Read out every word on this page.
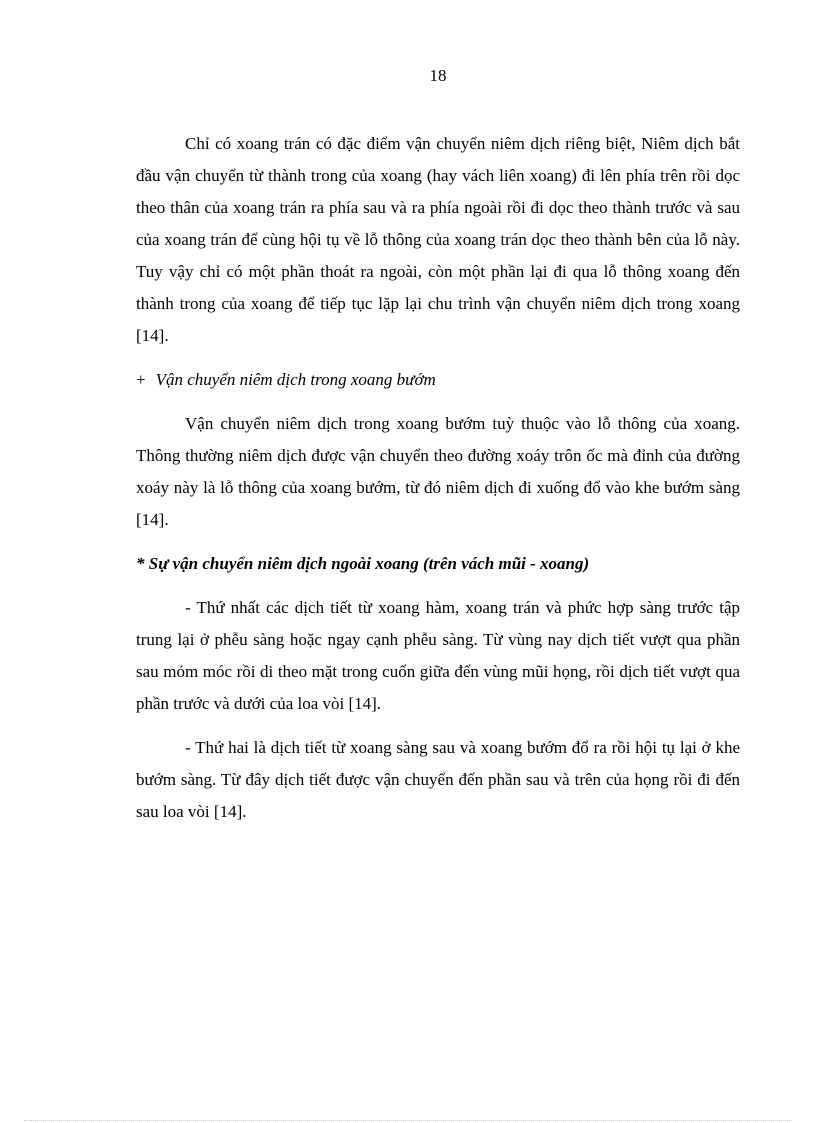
18

Chỉ có xoang trán có đặc điểm vận chuyển niêm dịch riêng biệt, Niêm dịch bắt đầu vận chuyển từ thành trong của xoang (hay vách liên xoang) đi lên phía trên rồi dọc theo thân của xoang trán ra phía sau và ra phía ngoài rồi đi dọc theo thành trước và sau của xoang trán để cùng hội tụ về lỗ thông của xoang trán dọc theo thành bên của lỗ này. Tuy vậy chỉ có một phần thoát ra ngoài, còn một phần lại đi qua lỗ thông xoang đến thành trong của xoang để tiếp tục lặp lại chu trình vận chuyển niêm dịch trong xoang [14].

+ Vận chuyển niêm dịch trong xoang bướm

Vận chuyển niêm dịch trong xoang bướm tuỳ thuộc vào lỗ thông của xoang. Thông thường niêm dịch được vận chuyển theo đường xoáy trôn ốc mà đỉnh của đường xoáy này là lỗ thông của xoang bướm, từ đó niêm dịch đi xuống đổ vào khe bướm sàng [14].

* Sự vận chuyển niêm dịch ngoài xoang (trên vách mũi - xoang)

- Thứ nhất các dịch tiết từ xoang hàm, xoang trán và phức hợp sàng trước tập trung lại ở phễu sàng hoặc ngay cạnh phễu sàng. Từ vùng nay dịch tiết vượt qua phần sau mỏm móc rồi di theo mặt trong cuốn giữa đến vùng mũi họng, rồi dịch tiết vượt qua phần trước và dưới của loa vòi [14].

- Thứ hai là dịch tiết từ xoang sàng sau và xoang bướm đổ ra rồi hội tụ lại ở khe bướm sàng. Từ đây dịch tiết được vận chuyển đến phần sau và trên của họng rồi đi đến sau loa vòi [14].
